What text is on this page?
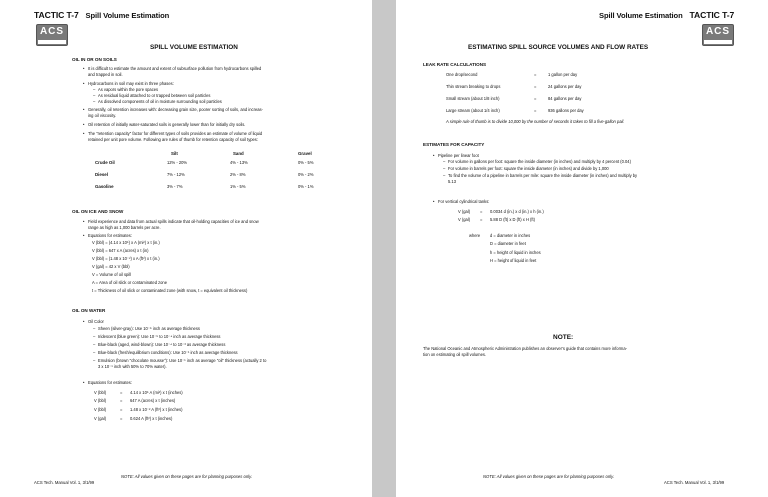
TACTIC T-7 Spill Volume Estimation
ACS
SPILL VOLUME ESTIMATION
OIL IN OR ON SOILS
• It is difficult to estimate the amount and extent of subsurface pollution from hydrocarbons spilled
and trapped in soil.
• Hydrocarbons in soil may exist in three phases:
– As vapors within the pore spaces
– As residual liquid attached to or trapped between soil particles
– As dissolved components of oil in moisture surrounding soil particles
• Generally, oil retention increases with: decreasing grain size, poorer sorting of soils, and increas-
ing oil viscosity.
• Oil retention of initially water-saturated soils is generally lower than for initially dry soils.
• The "retention capacity" factor for different types of soils provides an estimate of volume of liquid
retained per unit pore volume. Following are rules of thumb for retention capacity of soil types:
Silt	Sand	Gravel
Crude Oil	12% - 20%	4% - 13%	0% - 5%
Diesel	7% - 12%	2% - 8%	0% - 2%
Gasoline	3% - 7%	1% - 5%	0% - 1%
OIL ON ICE AND SNOW
• Field experience and data from actual spills indicate that oil-holding capacities of ice and snow
range as high as 1,000 barrels per acre.
• Equations for estimates:
V (bbl) = (4.14 x 10⁵) x A (mi²) x t (in.)
V (bbl) = 647 x A (acres) x t (in)
V (bbl) = (1.48 x 10⁻²) x A (ft²) x t (in.)
V (gal) = 42 x V (bbl)
V = Volume of oil spill
A = Area of oil slick or contaminated zone
t = Thickness of oil slick or contaminated zone (with snow, t = equivalent oil thickness)
OIL ON WATER
• Oil Color
– Sheen (silver-gray): Use 10⁻⁵ inch as average thickness
– Iridescent (blue green): Use 10⁻⁵ to 10⁻⁴ inch as average thickness
– Blue-black (aged, wind-blown): Use 10⁻⁴ to 10⁻³ as average thickness
– Blue-black (fresh/equilibrium conditions): Use 10⁻¹ inch as average thickness
– Emulsion (brown "chocolate mousse"): Use 10⁻¹ inch as average "oil" thickness (actually 2 to
3 x 10⁻¹ inch with 50% to 70% water).
• Equations for estimates:
V (bbl)	= 4.14 x 10⁵ A (mi²) x t (inches)
V (bbl)	= 647 A (acres) x t (inches)
V (bbl)	= 1.48 x 10⁻² A (ft²) x t (inches)
V (gal)	= 0.624 A (ft²) x t (inches)
NOTE: All values given on these pages are for planning purposes only.
ACS Tech. Manual Vol. 1, 3/1/99
Spill Volume Estimation TACTIC T-7
ACS
ESTIMATING SPILL SOURCE VOLUMES AND FLOW RATES
LEAK RATE CALCULATIONS
One drop/second	=	1 gallon per day
Thin stream breaking to drops	=	24 gallons per day
Small stream (about 1/8 inch)	=	84 gallons per day
Large stream (about 1/4 inch)	=	936 gallons per day
A simple rule of thumb is to divide 10,000 by the number of seconds it takes to fill a five-gallon pail.
ESTIMATES FOR CAPACITY
• Pipeline per linear foot
– For volume in gallons per foot: square the inside diameter (in inches) and multiply by 4 percent (0.04)
– For volume in barrels per foot: square the inside diameter (in inches) and divide by 1,000
– To find the volume of a pipeline in barrels per mile: square the inside diameter (in inches) and multiply by
5.13
• For vertical cylindrical tanks:
V (gal) = 0.0034 d (in.) x d (in.) x h (in.)
V (gal) = 5.88 D (ft) x D (ft) x H (ft)
where d = diameter in inches
D = diameter in feet
h = height of liquid in inches
H = height of liquid in feet
NOTE:
The National Oceanic and Atmospheric Administration publishes an observer's guide that contains more informa-
tion on estimating oil spill volumes.
NOTE: All values given on these pages are for planning purposes only.
ACS Tech. Manual Vol. 1, 3/1/99
